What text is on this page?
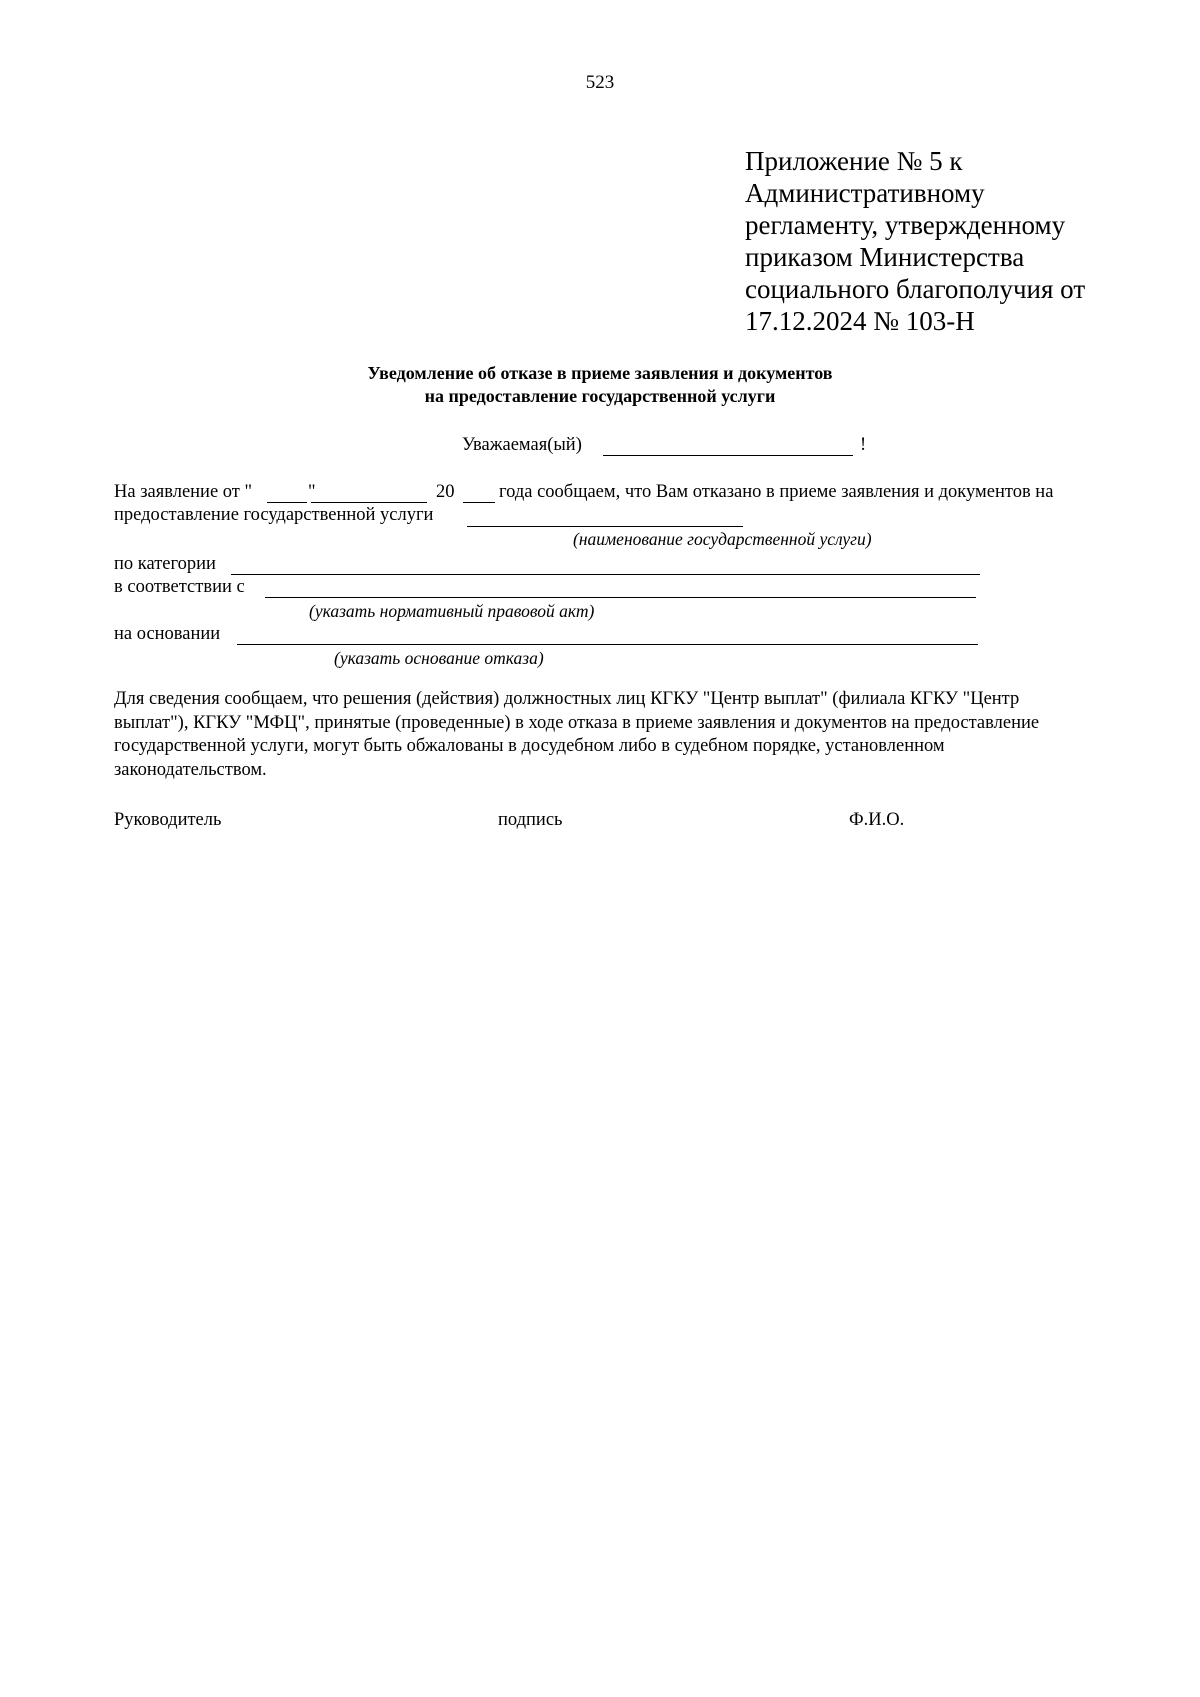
523
Приложение № 5 к
Административному
регламенту, утвержденному
приказом Министерства
социального благополучия от
17.12.2024 № 103-Н
Уведомление об отказе в приеме заявления и документов
на предоставление государственной услуги
Уважаемая(ый)	!
На заявление от "	"	20 года сообщаем, что Вам отказано в приеме заявления и документов на
предоставление государственной услуги
(наименование государственной услуги)
по категории
в соответствии с
(указать нормативный правовой акт)
на основании
(указать основание отказа)
Для сведения сообщаем, что решения (действия) должностных лиц КГКУ "Центр выплат" (филиала КГКУ "Центр
выплат"), КГКУ "МФЦ", принятые (проведенные) в ходе отказа в приеме заявления и документов на предоставление
государственной услуги, могут быть обжалованы в досудебном либо в судебном порядке, установленном
законодательством.
Руководитель	подпись	Ф.И.О.
